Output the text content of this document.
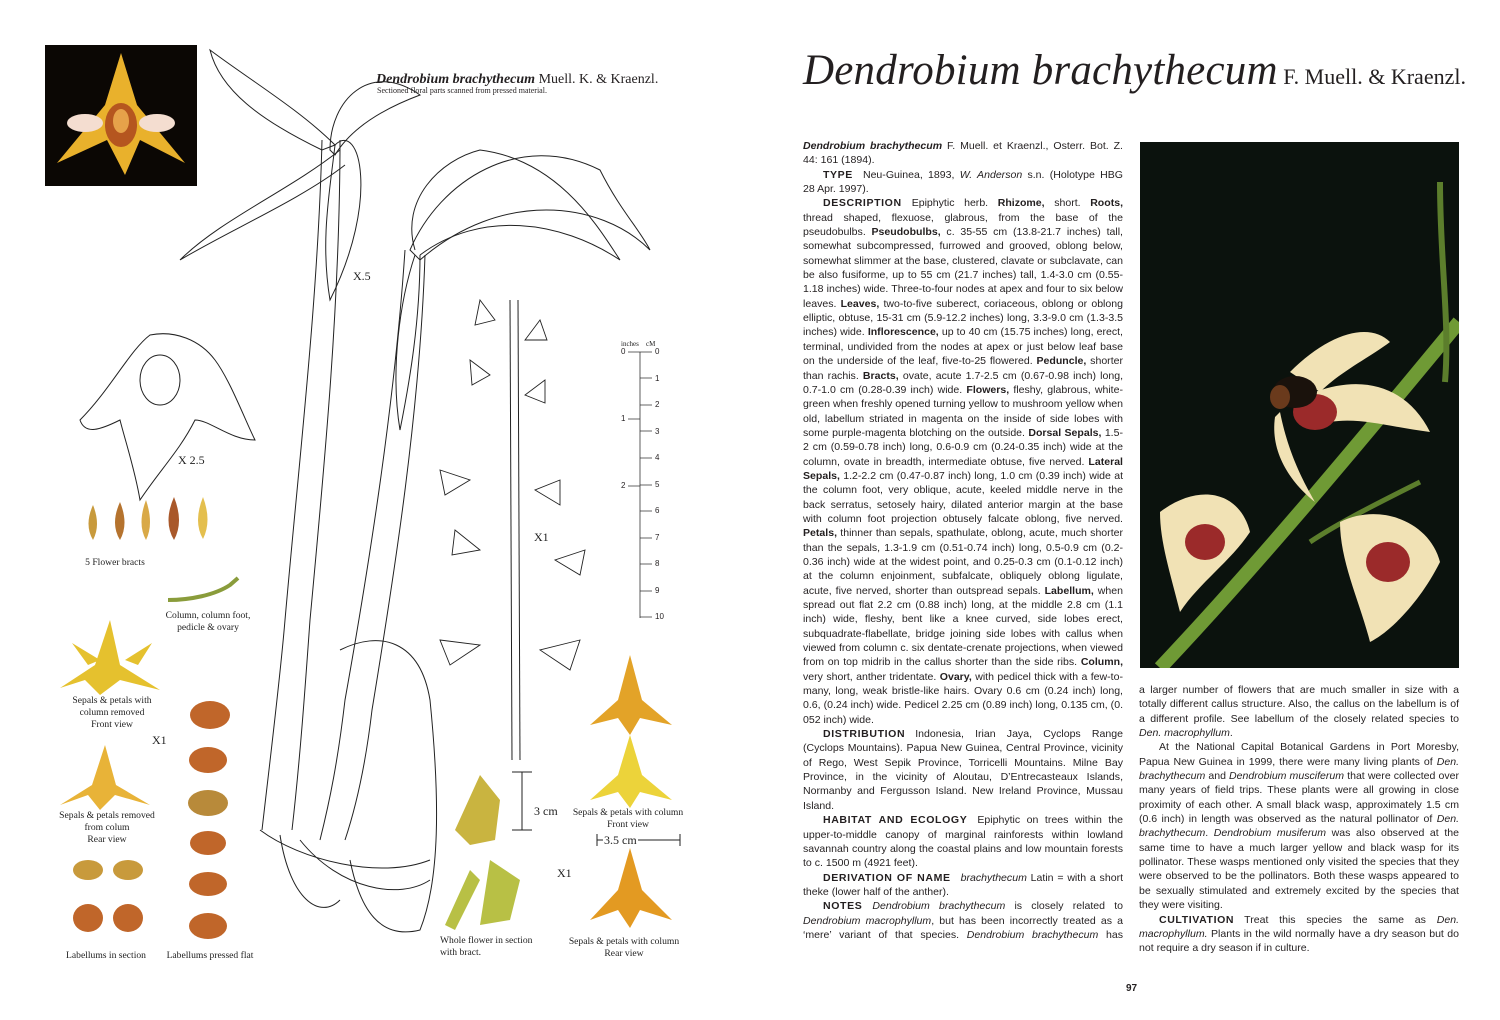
Dendrobium brachythecum Muell. K. & Kraenzl.
Sectioned floral parts scanned from pressed material.
X.5
X 2.5
5 Flower bracts
Column, column foot,
pedicle & ovary
Sepals & petals with
column removed
Front view
X1
Sepals & petals removed
from colum
Rear view
Labellums in section	Labellums pressed flat
X1
inches cM
0
1
2
3
4
5
6
7
8
9
10
0
1
2
3 cm Sepals & petals with column
Front view
3.5 cm
X1
Whole flower in section
with bract.
Sepals & petals with column
Rear view
Dendrobium brachythecum F. Muell. & Kraenzl.

Dendrobium brachythecum F. Muell. et Kraenzl., Osterr. Bot. Z. 44: 161 (1894).

TYPE Neu-Guinea, 1893, W. Anderson s.n. (Holotype HBG 28 Apr. 1997).

DESCRIPTION Epiphytic herb. Rhizome, short. Roots, thread shaped, flexuose, glabrous, from the base of the pseudobulbs. Pseudobulbs, c. 35-55 cm (13.8-21.7 inches) tall, somewhat subcompressed, furrowed and grooved, oblong below, somewhat slimmer at the base, clustered, clavate or subclavate, can be also fusiforme, up to 55 cm (21.7 inches) tall, 1.4-3.0 cm (0.55-1.18 inches) wide. Three-to-four nodes at apex and four to six below leaves. Leaves, two-to-five suberect, coriaceous, oblong or oblong elliptic, obtuse, 15-31 cm (5.9-12.2 inches) long, 3.3-9.0 cm (1.3-3.5 inches) wide. Inflorescence, up to 40 cm (15.75 inches) long, erect, terminal, undivided from the nodes at apex or just below leaf base on the underside of the leaf, five-to-25 flowered. Peduncle, shorter than rachis. Bracts, ovate, acute 1.7-2.5 cm (0.67-0.98 inch) long, 0.7-1.0 cm (0.28-0.39 inch) wide. Flowers, fleshy, glabrous, white-green when freshly opened turning yellow to mushroom yellow when old, labellum striated in magenta on the inside of side lobes with some purple-magenta blotching on the outside. Dorsal Sepals, 1.5-2 cm (0.59-0.78 inch) long, 0.6-0.9 cm (0.24-0.35 inch) wide at the column, ovate in breadth, intermediate obtuse, five nerved. Lateral Sepals, 1.2-2.2 cm (0.47-0.87 inch) long, 1.0 cm (0.39 inch) wide at the column foot, very oblique, acute, keeled middle nerve in the back serratus, setosely hairy, dilated anterior margin at the base with column foot projection obtusely falcate oblong, five nerved. Petals, thinner than sepals, spathulate, oblong, acute, much shorter than the sepals, 1.3-1.9 cm (0.51-0.74 inch) long, 0.5-0.9 cm (0.2-0.36 inch) wide at the widest point, and 0.25-0.3 cm (0.1-0.12 inch) at the column enjoinment, subfalcate, obliquely oblong ligulate, acute, five nerved, shorter than outspread sepals. Labellum, when spread out flat 2.2 cm (0.88 inch) long, at the middle 2.8 cm (1.1 inch) wide, fleshy, bent like a knee curved, side lobes erect, subquadrate-flabellate, bridge joining side lobes with callus when viewed from column c. six dentate-crenate projections, when viewed from on top midrib in the callus shorter than the side ribs. Column, very short, anther tridentate. Ovary, with pedicel thick with a few-to-many, long, weak bristle-like hairs. Ovary 0.6 cm (0.24 inch) long, 0.6, (0.24 inch) wide. Pedicel 2.25 cm (0.89 inch) long, 0.135 cm, (0. 052 inch) wide.

DISTRIBUTION Indonesia, Irian Jaya, Cyclops Range (Cyclops Mountains). Papua New Guinea, Central Province, vicinity of Rego, West Sepik Province, Torricelli Mountains. Milne Bay Province, in the vicinity of Aloutau, D’Entrecasteaux Islands, Normanby and Fergusson Island. New Ireland Province, Mussau Island.

HABITAT AND ECOLOGY Epiphytic on trees within the upper-to-middle canopy of marginal rainforests within lowland savannah country along the coastal plains and low mountain forests to c. 1500 m (4921 feet).

DERIVATION OF NAME brachythecum Latin = with a short theke (lower half of the anther).

NOTES Dendrobium brachythecum is closely related to Dendrobium macrophyllum, but has been incorrectly treated as a ‘mere’ variant of that species. Dendrobium brachythecum has

a larger number of flowers that are much smaller in size with a totally different callus structure. Also, the callus on the labellum is of a different profile. See labellum of the closely related species to Den. macrophyllum.

At the National Capital Botanical Gardens in Port Moresby, Papua New Guinea in 1999, there were many living plants of Den. brachythecum and Dendrobium musciferum that were collected over many years of field trips. These plants were all growing in close proximity of each other. A small black wasp, approximately 1.5 cm (0.6 inch) in length was observed as the natural pollinator of Den. brachythecum. Dendrobium musiferum was also observed at the same time to have a much larger yellow and black wasp for its pollinator. These wasps mentioned only visited the species that they were observed to be the pollinators. Both these wasps appeared to be sexually stimulated and extremely excited by the species that they were visiting.

CULTIVATION Treat this species the same as Den. macrophyllum. Plants in the wild normally have a dry season but do not require a dry season if in culture.

97
